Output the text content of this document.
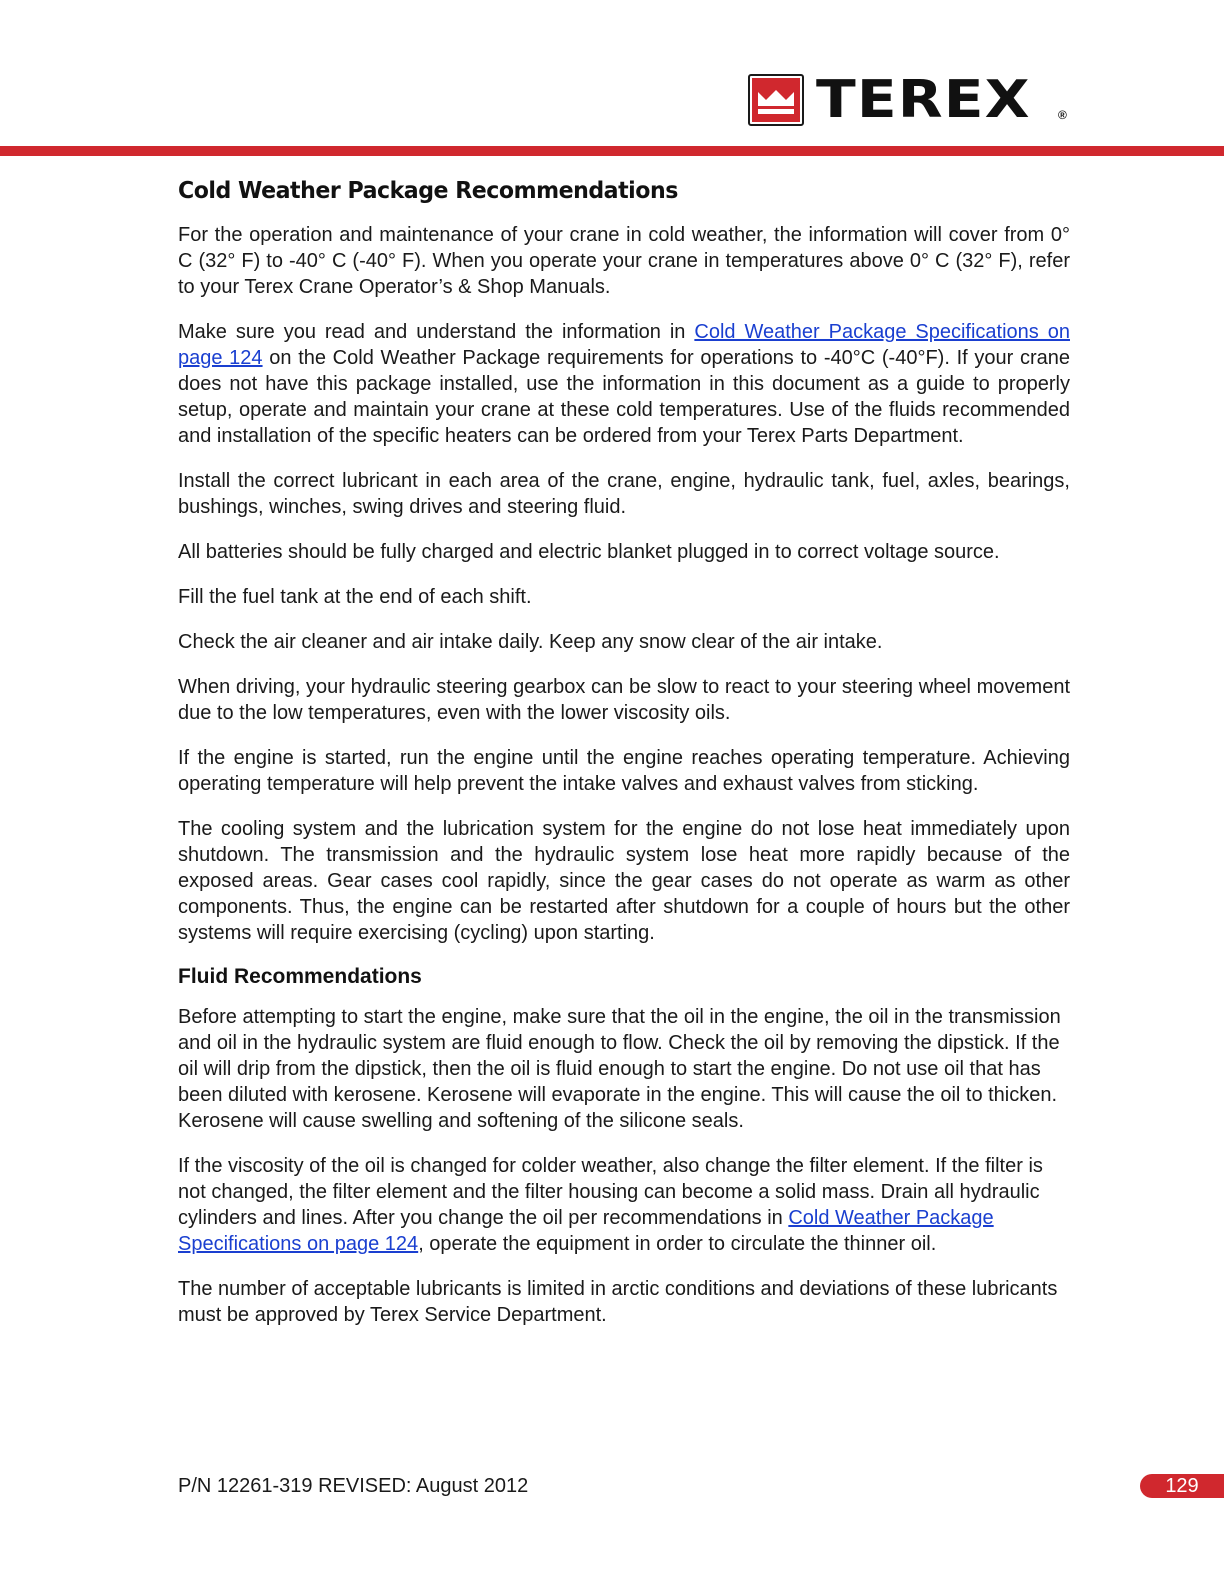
TEREX ®
Cold Weather Package Recommendations

For the operation and maintenance of your crane in cold weather, the information will cover from 0° C (32° F) to -40° C (-40° F). When you operate your crane in temperatures above 0° C (32° F), refer to your Terex Crane Operator’s & Shop Manuals.

Make sure you read and understand the information in Cold Weather Package Specifications on page 124 on the Cold Weather Package requirements for operations to -40°C (-40°F). If your crane does not have this package installed, use the information in this document as a guide to properly setup, operate and maintain your crane at these cold temperatures. Use of the fluids recommended and installation of the specific heaters can be ordered from your Terex Parts Department.

Install the correct lubricant in each area of the crane, engine, hydraulic tank, fuel, axles, bearings, bushings, winches, swing drives and steering fluid.

All batteries should be fully charged and electric blanket plugged in to correct voltage source.

Fill the fuel tank at the end of each shift.

Check the air cleaner and air intake daily. Keep any snow clear of the air intake.

When driving, your hydraulic steering gearbox can be slow to react to your steering wheel movement due to the low temperatures, even with the lower viscosity oils.

If the engine is started, run the engine until the engine reaches operating temperature. Achieving operating temperature will help prevent the intake valves and exhaust valves from sticking.

The cooling system and the lubrication system for the engine do not lose heat immediately upon shutdown. The transmission and the hydraulic system lose heat more rapidly because of the exposed areas. Gear cases cool rapidly, since the gear cases do not operate as warm as other components. Thus, the engine can be restarted after shutdown for a couple of hours but the other systems will require exercising (cycling) upon starting.

Fluid Recommendations

Before attempting to start the engine, make sure that the oil in the engine, the oil in the transmission and oil in the hydraulic system are fluid enough to flow. Check the oil by removing the dipstick. If the oil will drip from the dipstick, then the oil is fluid enough to start the engine. Do not use oil that has been diluted with kerosene. Kerosene will evaporate in the engine. This will cause the oil to thicken. Kerosene will cause swelling and softening of the silicone seals.

If the viscosity of the oil is changed for colder weather, also change the filter element. If the filter is not changed, the filter element and the filter housing can become a solid mass. Drain all hydraulic cylinders and lines. After you change the oil per recommendations in Cold Weather Package Specifications on page 124, operate the equipment in order to circulate the thinner oil.

The number of acceptable lubricants is limited in arctic conditions and deviations of these lubricants must be approved by Terex Service Department.

P/N 12261-319 REVISED: August 2012	129
